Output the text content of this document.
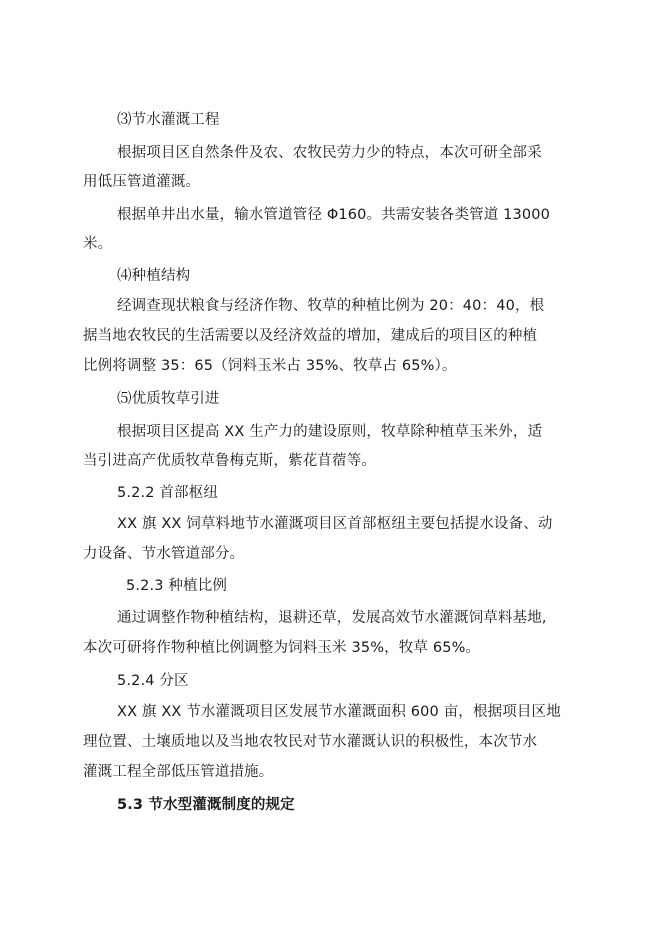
⑶节水灌溉工程
根据项目区自然条件及农、农牧民劳力少的特点，本次可研全部采
用低压管道灌溉。
根据单井出水量，输水管道管径 Φ160。共需安装各类管道 13000
米。
⑷种植结构
经调查现状粮食与经济作物、牧草的种植比例为 20：40：40，根
据当地农牧民的生活需要以及经济效益的增加，建成后的项目区的种植
比例将调整 35：65（饲料玉米占 35%、牧草占 65%）。
⑸优质牧草引进
根据项目区提高 XX 生产力的建设原则，牧草除种植草玉米外，适
当引进高产优质牧草鲁梅克斯，紫花苜蓿等。
5.2.2 首部枢纽
XX 旗 XX 饲草料地节水灌溉项目区首部枢纽主要包括提水设备、动
力设备、节水管道部分。
5.2.3 种植比例
通过调整作物种植结构，退耕还草，发展高效节水灌溉饲草料基地,
本次可研将作物种植比例调整为饲料玉米 35%，牧草 65%。
5.2.4 分区
XX 旗 XX 节水灌溉项目区发展节水灌溉面积 600 亩，根据项目区地
理位置、土壤质地以及当地农牧民对节水灌溉认识的积极性，本次节水
灌溉工程全部低压管道措施。
5.3 节水型灌溉制度的规定
